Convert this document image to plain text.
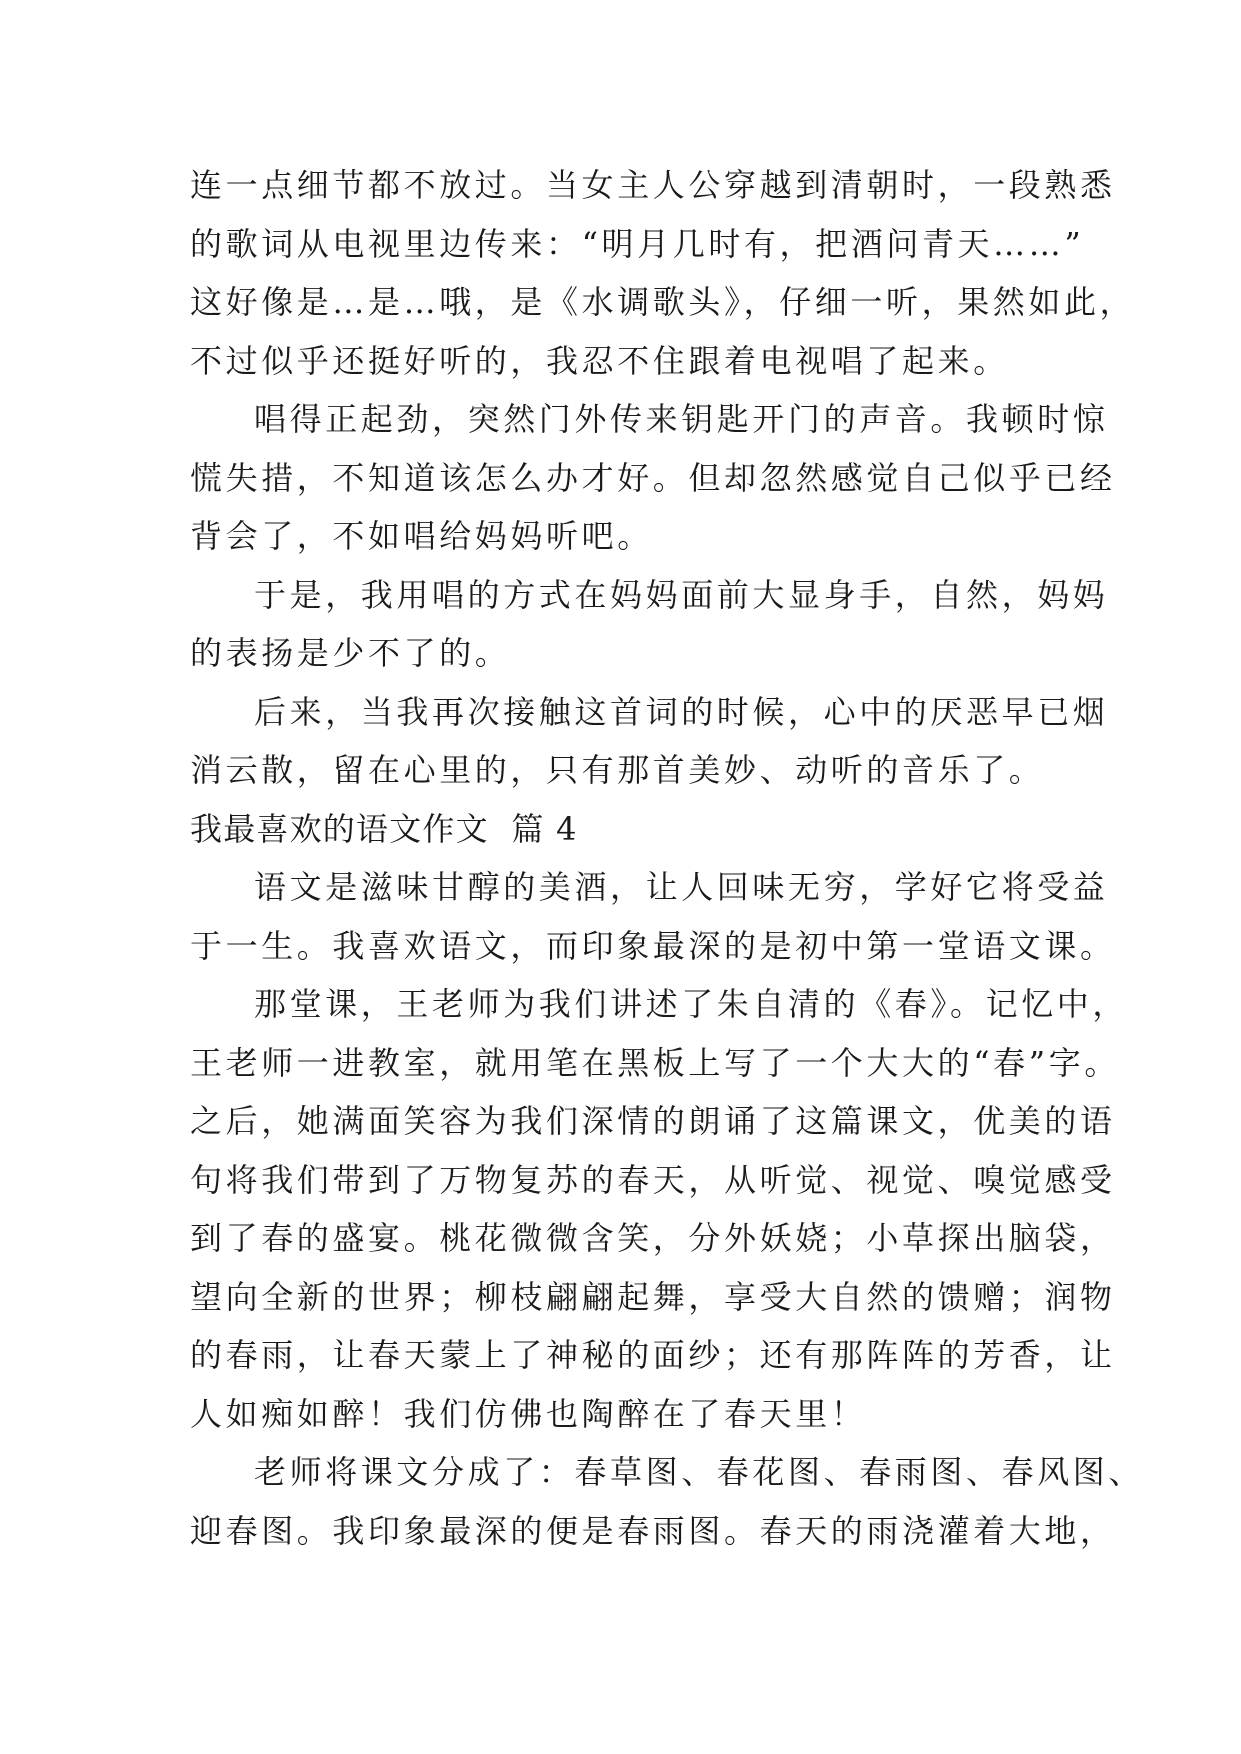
连一点细节都不放过。当女主人公穿越到清朝时，一段熟悉
的歌词从电视里边传来：“明月几时有，把酒问青天……”
这好像是…是…哦，是《水调歌头》，仔细一听，果然如此，
不过似乎还挺好听的，我忍不住跟着电视唱了起来。
唱得正起劲，突然门外传来钥匙开门的声音。我顿时惊
慌失措，不知道该怎么办才好。但却忽然感觉自己似乎已经
背会了，不如唱给妈妈听吧。
于是，我用唱的方式在妈妈面前大显身手，自然，妈妈
的表扬是少不了的。
后来，当我再次接触这首词的时候，心中的厌恶早已烟
消云散，留在心里的，只有那首美妙、动听的音乐了。
我最喜欢的语文作文  篇 4
语文是滋味甘醇的美酒，让人回味无穷，学好它将受益
于一生。我喜欢语文，而印象最深的是初中第一堂语文课。
那堂课，王老师为我们讲述了朱自清的《春》。记忆中，
王老师一进教室，就用笔在黑板上写了一个大大的“春”字。
之后，她满面笑容为我们深情的朗诵了这篇课文，优美的语
句将我们带到了万物复苏的春天，从听觉、视觉、嗅觉感受
到了春的盛宴。桃花微微含笑，分外妖娆；小草探出脑袋，
望向全新的世界；柳枝翩翩起舞，享受大自然的馈赠；润物
的春雨，让春天蒙上了神秘的面纱；还有那阵阵的芳香，让
人如痴如醉！我们仿佛也陶醉在了春天里！
老师将课文分成了：春草图、春花图、春雨图、春风图、
迎春图。我印象最深的便是春雨图。春天的雨浇灌着大地，
